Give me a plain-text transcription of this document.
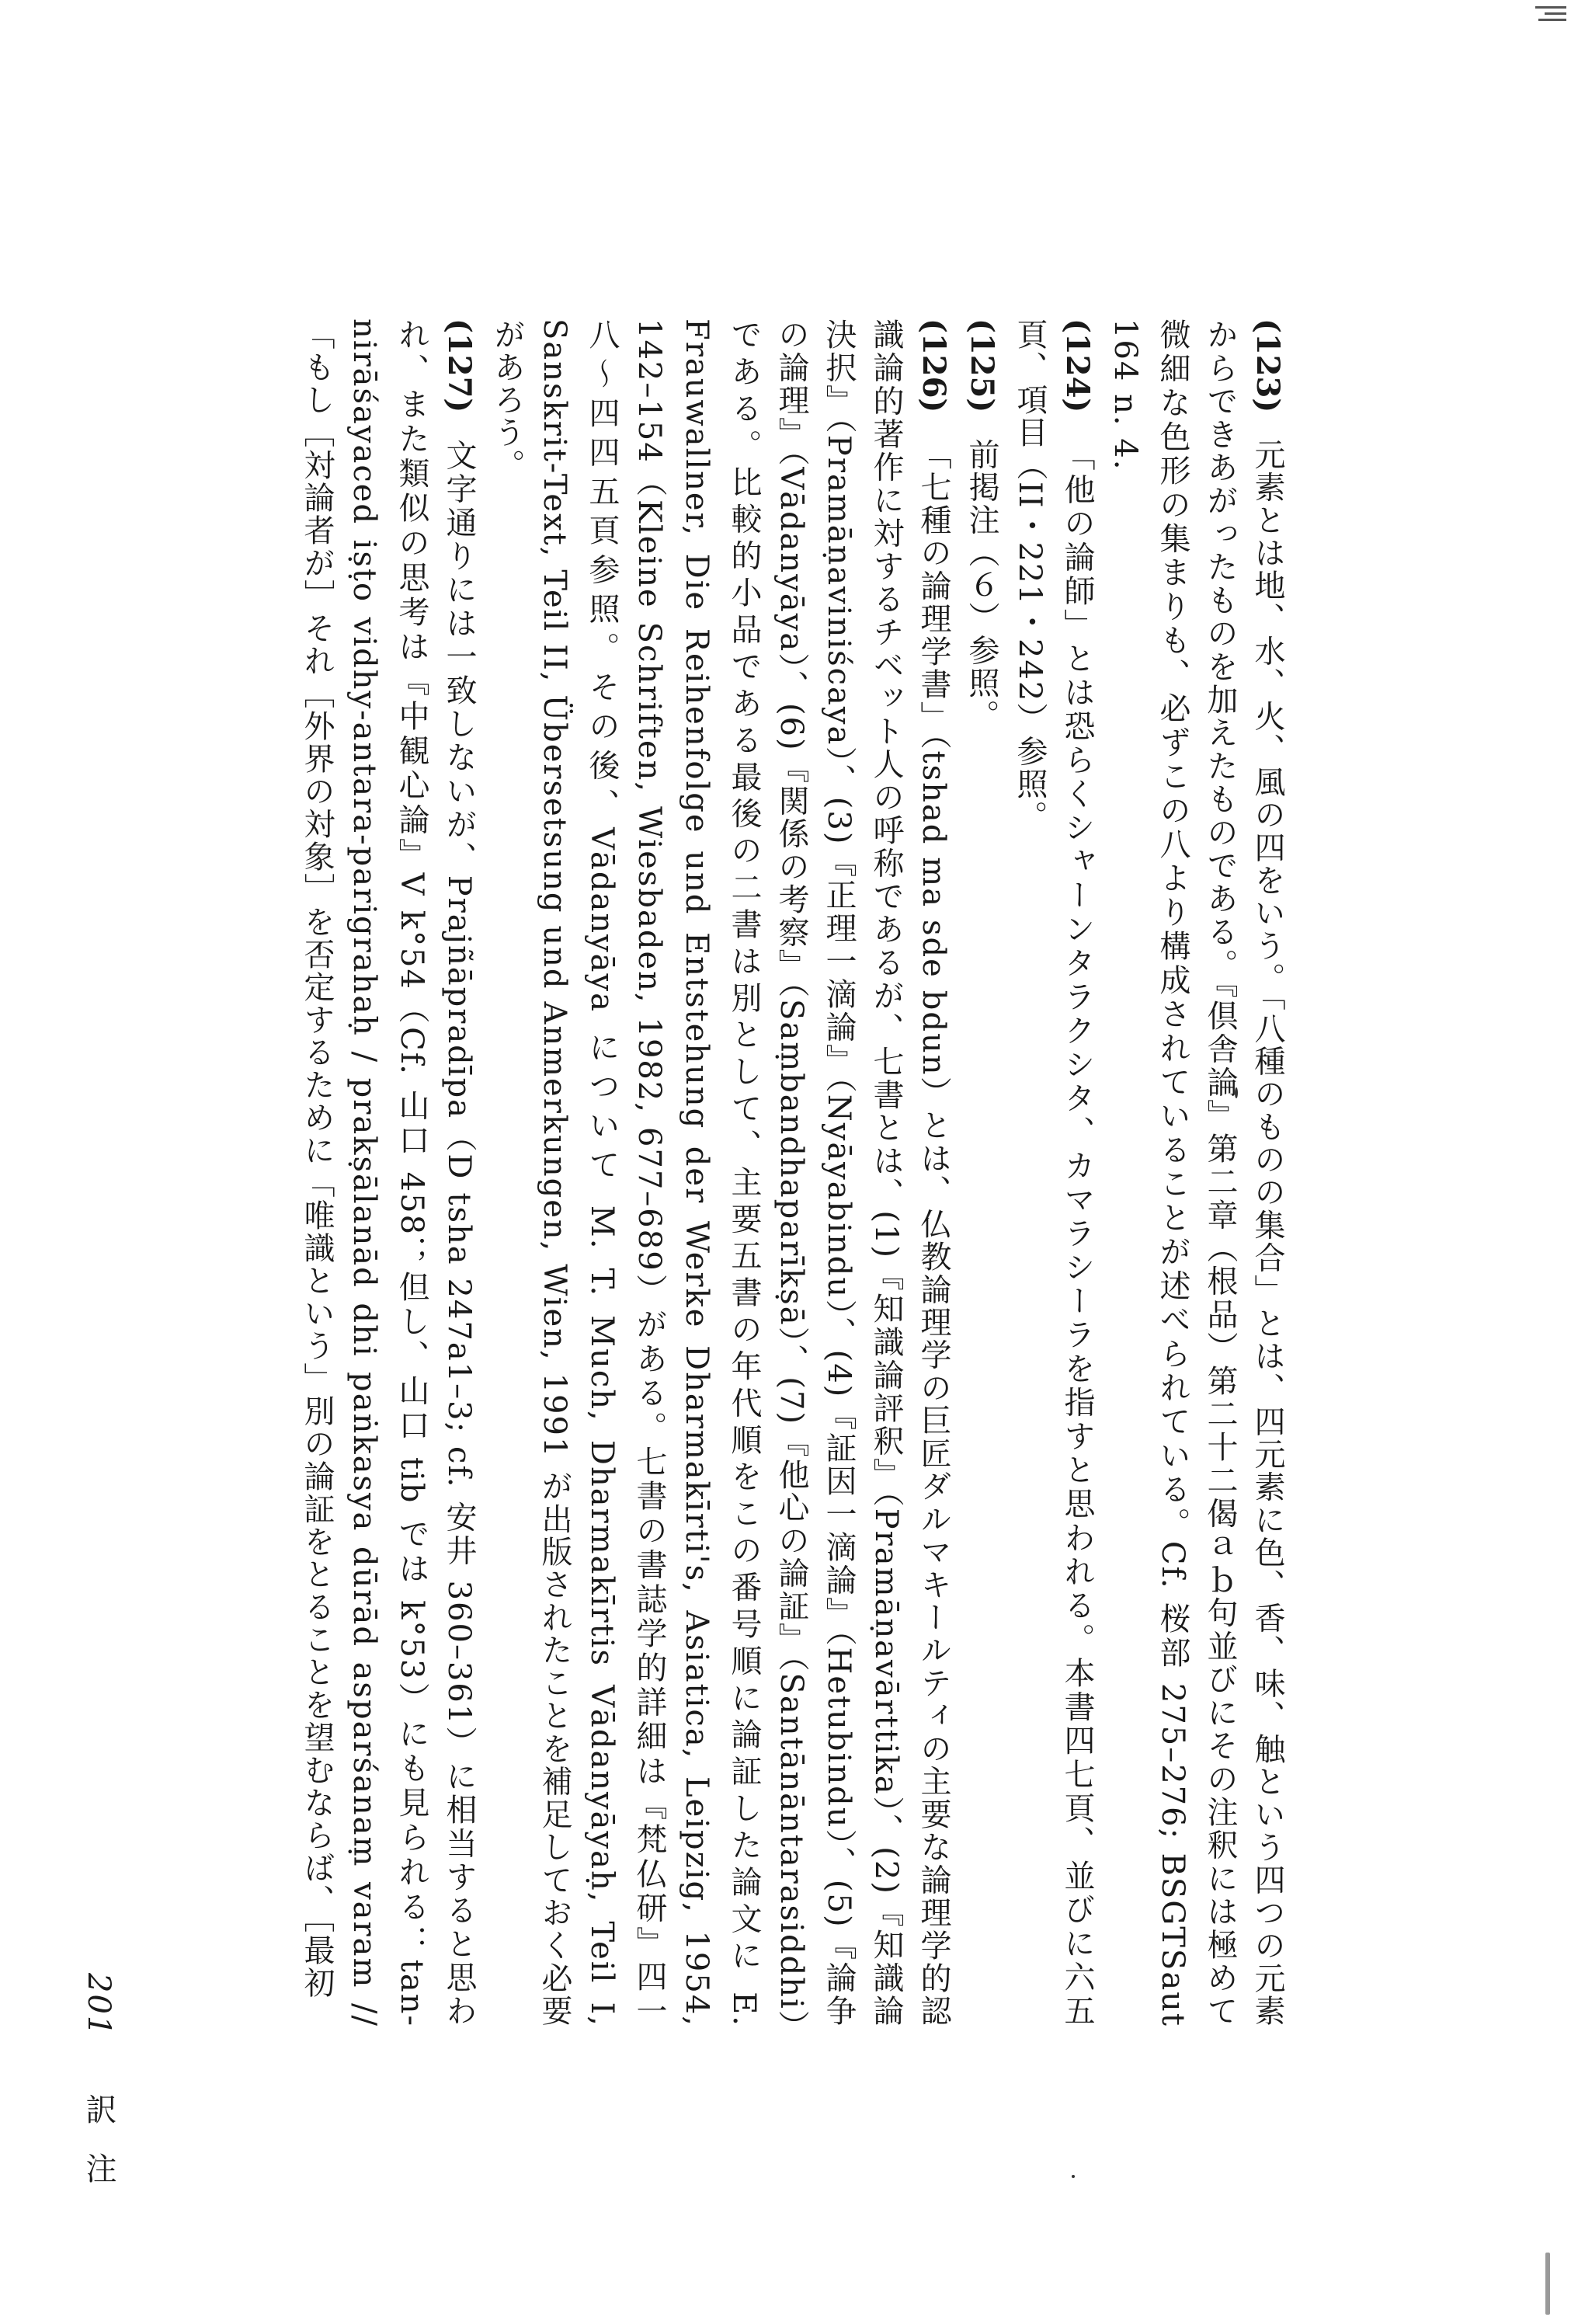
(123) 元素とは地、水、火、風の四をいう。「八種のものの集合」とは、四元素に色、香、味、触という四つの元素からできあがったものを加えたものである。『倶舎論』第二章（根品）第二十二偈ａｂ句並びにその注釈には極めて微細な色形の集まりも、必ずこの八より構成されていることが述べられている。Cf. 桜部 275–276; BSGTSaut 164 n. 4.

(124) 「他の論師」とは恐らくシャーンタラクシタ、カマラシーラを指すと思われる。本書四七頁、並びに六五頁、項目（II・221・242）参照。

(125) 前掲注（６）参照。

(126) 「七種の論理学書」（tshad ma sde bdun）とは、仏教論理学の巨匠ダルマキールティの主要な論理学的認識論的著作に対するチベット人の呼称であるが、七書とは、(1)『知識論評釈』（Pramāṇavārttika）、(2)『知識論決択』（Pramāṇaviniścaya）、(3)『正理一滴論』（Nyāyabindu）、(4)『証因一滴論』（Hetubindu）、(5)『論争の論理』（Vādanyāya）、(6)『関係の考察』（Saṃbandhaparīkṣā）、(7)『他心の論証』（Santānāntarasiddhi）である。比較的小品である最後の二書は別として、主要五書の年代順をこの番号順に論証した論文に E. Frauwallner, Die Reihenfolge und Entstehung der Werke Dharmakīrti's, Asiatica, Leipzig, 1954, 142–154（Kleine Schriften, Wiesbaden, 1982, 677–689）がある。七書の書誌学的詳細は『梵仏研』四一八〜四四五頁参照。その後、Vādanyāya について M. T. Much, Dharmakīrtis Vādanyāyaḥ, Teil I, Sanskrit-Text, Teil II, Übersetsung und Anmerkungen, Wien, 1991 が出版されたことを補足しておく必要があろう。

(127) 文字通りには一致しないが、Prajñāpradīpa（D tsha 247a1–3; cf. 安井 360–361）に相当すると思われ、また類似の思考は『中観心論』V k°54（Cf. 山口 458；但し、山口 tib では k°53）にも見られる：tan-nirāśayaced iṣṭo vidhy-antara-parigrahaḥ / prakṣālanād dhi paṅkasya dūrād asparśanaṃ varam //「もし［対論者が］それ［外界の対象］を否定するために「唯識という」別の論証をとることを望むならば、［最初

201 訳注
